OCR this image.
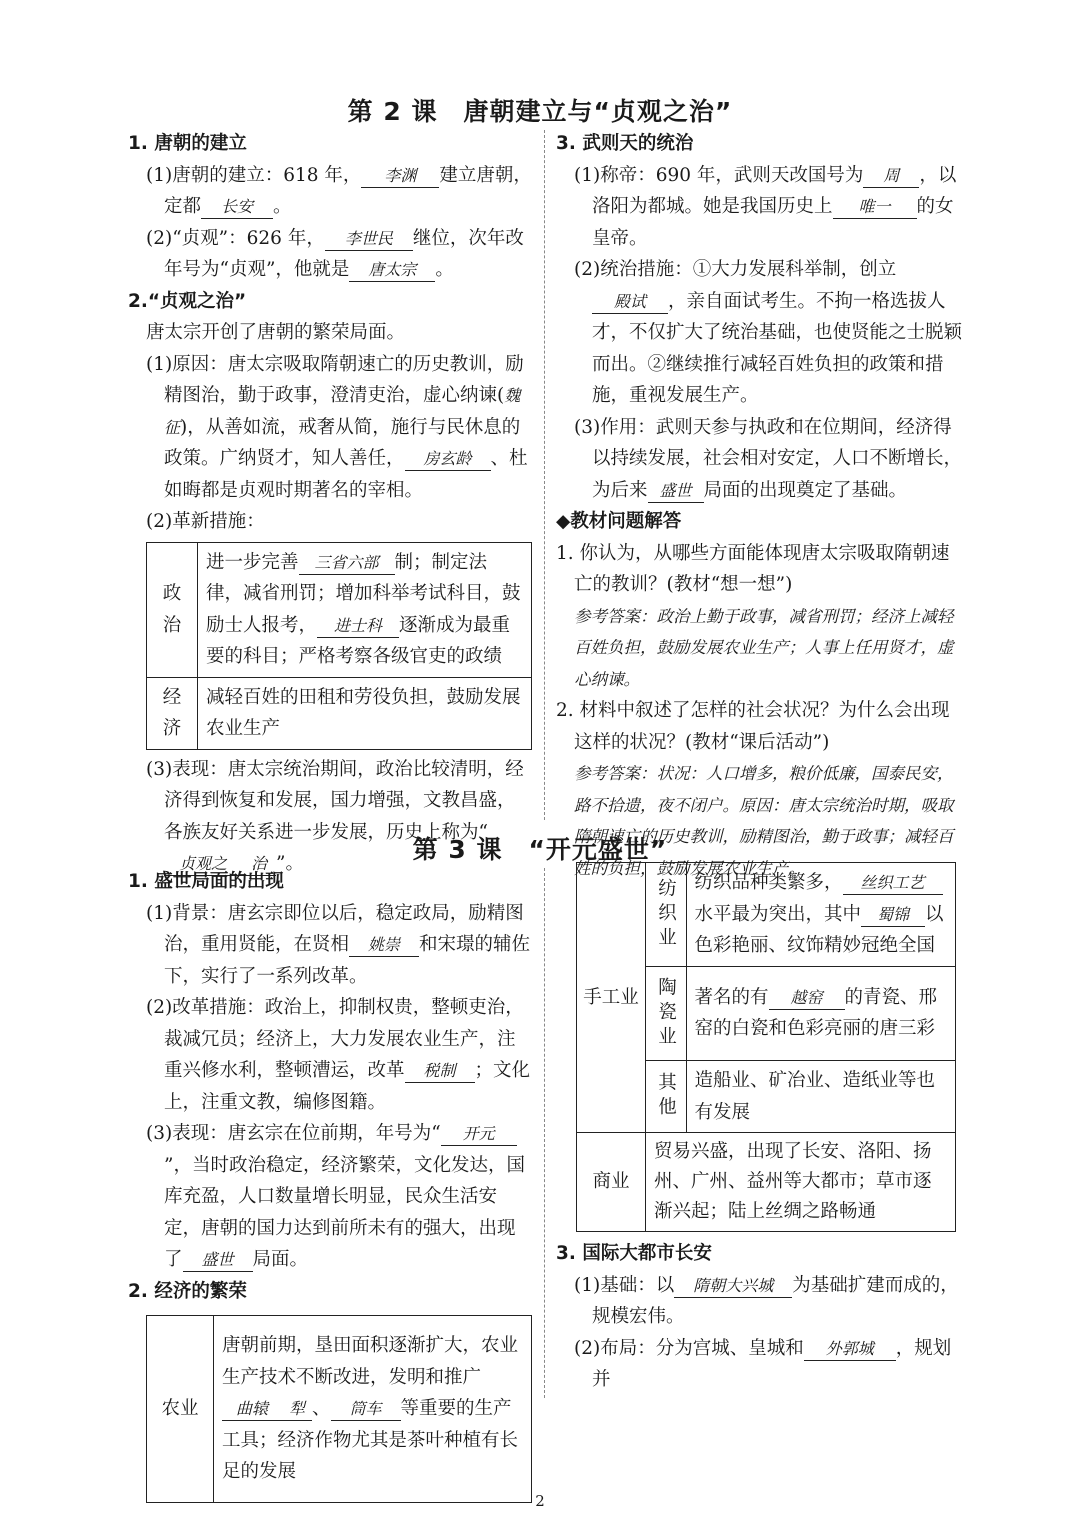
第 2 课　唐朝建立与“贞观之治”
1. 唐朝的建立
(1)唐朝的建立：618 年， 李渊 建立唐朝，定都 长安 。
(2)“贞观”：626 年， 李世民 继位，次年改年号为“贞观”，他就是 唐太宗 。
2.“贞观之治”
唐太宗开创了唐朝的繁荣局面。
(1)原因：唐太宗吸取隋朝速亡的历史教训，励精图治，勤于政事，澄清吏治，虚心纳谏(魏征)，从善如流，戒奢从简，施行与民休息的政策。广纳贤才，知人善任， 房玄龄 、杜如晦都是贞观时期著名的宰相。
(2)革新措施：
政治	进一步完善 三省六部 制；制定法律，减省刑罚；增加科举考试科目，鼓励士人报考， 进士科 逐渐成为最重要的科目；严格考察各级官吏的政绩
经济	减轻百姓的田租和劳役负担，鼓励发展农业生产
(3)表现：唐太宗统治期间，政治比较清明，经济得到恢复和发展，国力增强，文教昌盛，各族友好关系进一步发展，历史上称为“贞观之 治 ”。
3. 武则天的统治
(1)称帝：690 年，武则天改国号为 周 ，以洛阳为都城。她是我国历史上 唯一 的女皇帝。
(2)统治措施：①大力发展科举制，创立殿试 ，亲自面试考生。不拘一格选拔人才，不仅扩大了统治基础，也使贤能之士脱颖而出。②继续推行减轻百姓负担的政策和措施，重视发展生产。
(3)作用：武则天参与执政和在位期间，经济得以持续发展，社会相对安定，人口不断增长，为后来 盛世 局面的出现奠定了基础。
◆教材问题解答
1. 你认为，从哪些方面能体现唐太宗吸取隋朝速亡的教训？(教材“想一想”)
参考答案：政治上勤于政事，减省刑罚；经济上减轻百姓负担，鼓励发展农业生产；人事上任用贤才，虚心纳谏。
2. 材料中叙述了怎样的社会状况？为什么会出现这样的状况？(教材“课后活动”)
参考答案：状况：人口增多，粮价低廉，国泰民安，路不拾遗，夜不闭户。原因：唐太宗统治时期，吸取隋朝速亡的历史教训，励精图治，勤于政事；减轻百姓的负担，鼓励发展农业生产。
第 3 课　“开元盛世”
1. 盛世局面的出现
(1)背景：唐玄宗即位以后，稳定政局，励精图治，重用贤能，在贤相 姚崇 和宋璟的辅佐下，实行了一系列改革。
(2)改革措施：政治上，抑制权贵，整顿吏治，裁减冗员；经济上，大力发展农业生产，注重兴修水利，整顿漕运，改革 税制 ；文化上，注重文教，编修图籍。
(3)表现：唐玄宗在位前期，年号为“ 开元”，当时政治稳定，经济繁荣，文化发达，国库充盈，人口数量增长明显，民众生活安定，唐朝的国力达到前所未有的强大，出现了 盛世 局面。
2. 经济的繁荣
农业	唐朝前期，垦田面积逐渐扩大，农业生产技术不断改进，发明和推广曲辕 犁 、 筒车 等重要的生产工具；经济作物尤其是茶叶种植有长足的发展
手工业	纺织业	纺织品种类繁多， 丝织工艺水平最为突出，其中 蜀锦 以色彩艳丽、纹饰精妙冠绝全国

	陶瓷业	著名的有 越窑 的青瓷、邢窑的白瓷和色彩亮丽的唐三彩

	其他	造船业、矿冶业、造纸业等也有发展
商业	贸易兴盛，出现了长安、洛阳、扬州、广州、益州等大都市；草市逐渐兴起；陆上丝绸之路畅通	
3. 国际大都市长安
(1)基础：以 隋朝大兴城 为基础扩建而成的，规模宏伟。
(2)布局：分为宫城、皇城和 外郭城 ，规划并
2
